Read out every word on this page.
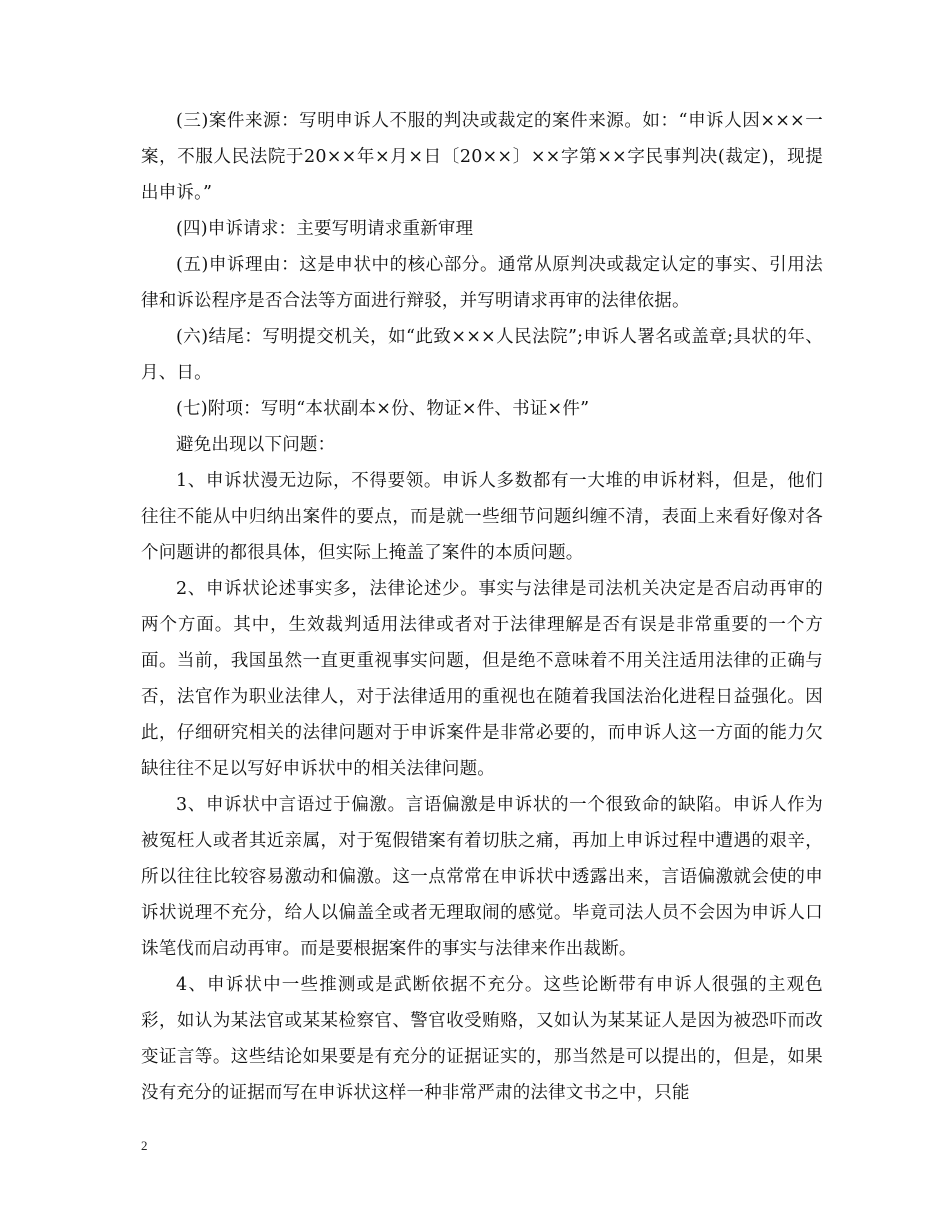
(三)案件来源：写明申诉人不服的判决或裁定的案件来源。如：“申诉人因×××一案，不服人民法院于20××年×月×日〔20××〕××字第××字民事判决(裁定)，现提出申诉。”

(四)申诉请求：主要写明请求重新审理

(五)申诉理由：这是申状中的核心部分。通常从原判决或裁定认定的事实、引用法律和诉讼程序是否合法等方面进行辩驳，并写明请求再审的法律依据。

(六)结尾：写明提交机关，如“此致×××人民法院”;申诉人署名或盖章;具状的年、月、日。

(七)附项：写明“本状副本×份、物证×件、书证×件”

避免出现以下问题：

1、申诉状漫无边际，不得要领。申诉人多数都有一大堆的申诉材料，但是，他们往往不能从中归纳出案件的要点，而是就一些细节问题纠缠不清，表面上来看好像对各个问题讲的都很具体，但实际上掩盖了案件的本质问题。

2、申诉状论述事实多，法律论述少。事实与法律是司法机关决定是否启动再审的两个方面。其中，生效裁判适用法律或者对于法律理解是否有误是非常重要的一个方面。当前，我国虽然一直更重视事实问题，但是绝不意味着不用关注适用法律的正确与否，法官作为职业法律人，对于法律适用的重视也在随着我国法治化进程日益强化。因此，仔细研究相关的法律问题对于申诉案件是非常必要的，而申诉人这一方面的能力欠缺往往不足以写好申诉状中的相关法律问题。

3、申诉状中言语过于偏激。言语偏激是申诉状的一个很致命的缺陷。申诉人作为被冤枉人或者其近亲属，对于冤假错案有着切肤之痛，再加上申诉过程中遭遇的艰辛，所以往往比较容易激动和偏激。这一点常常在申诉状中透露出来，言语偏激就会使的申诉状说理不充分，给人以偏盖全或者无理取闹的感觉。毕竟司法人员不会因为申诉人口诛笔伐而启动再审。而是要根据案件的事实与法律来作出裁断。

4、申诉状中一些推测或是武断依据不充分。这些论断带有申诉人很强的主观色彩，如认为某法官或某某检察官、警官收受贿赂，又如认为某某证人是因为被恐吓而改变证言等。这些结论如果要是有充分的证据证实的，那当然是可以提出的，但是，如果没有充分的证据而写在申诉状这样一种非常严肃的法律文书之中，只能

2
